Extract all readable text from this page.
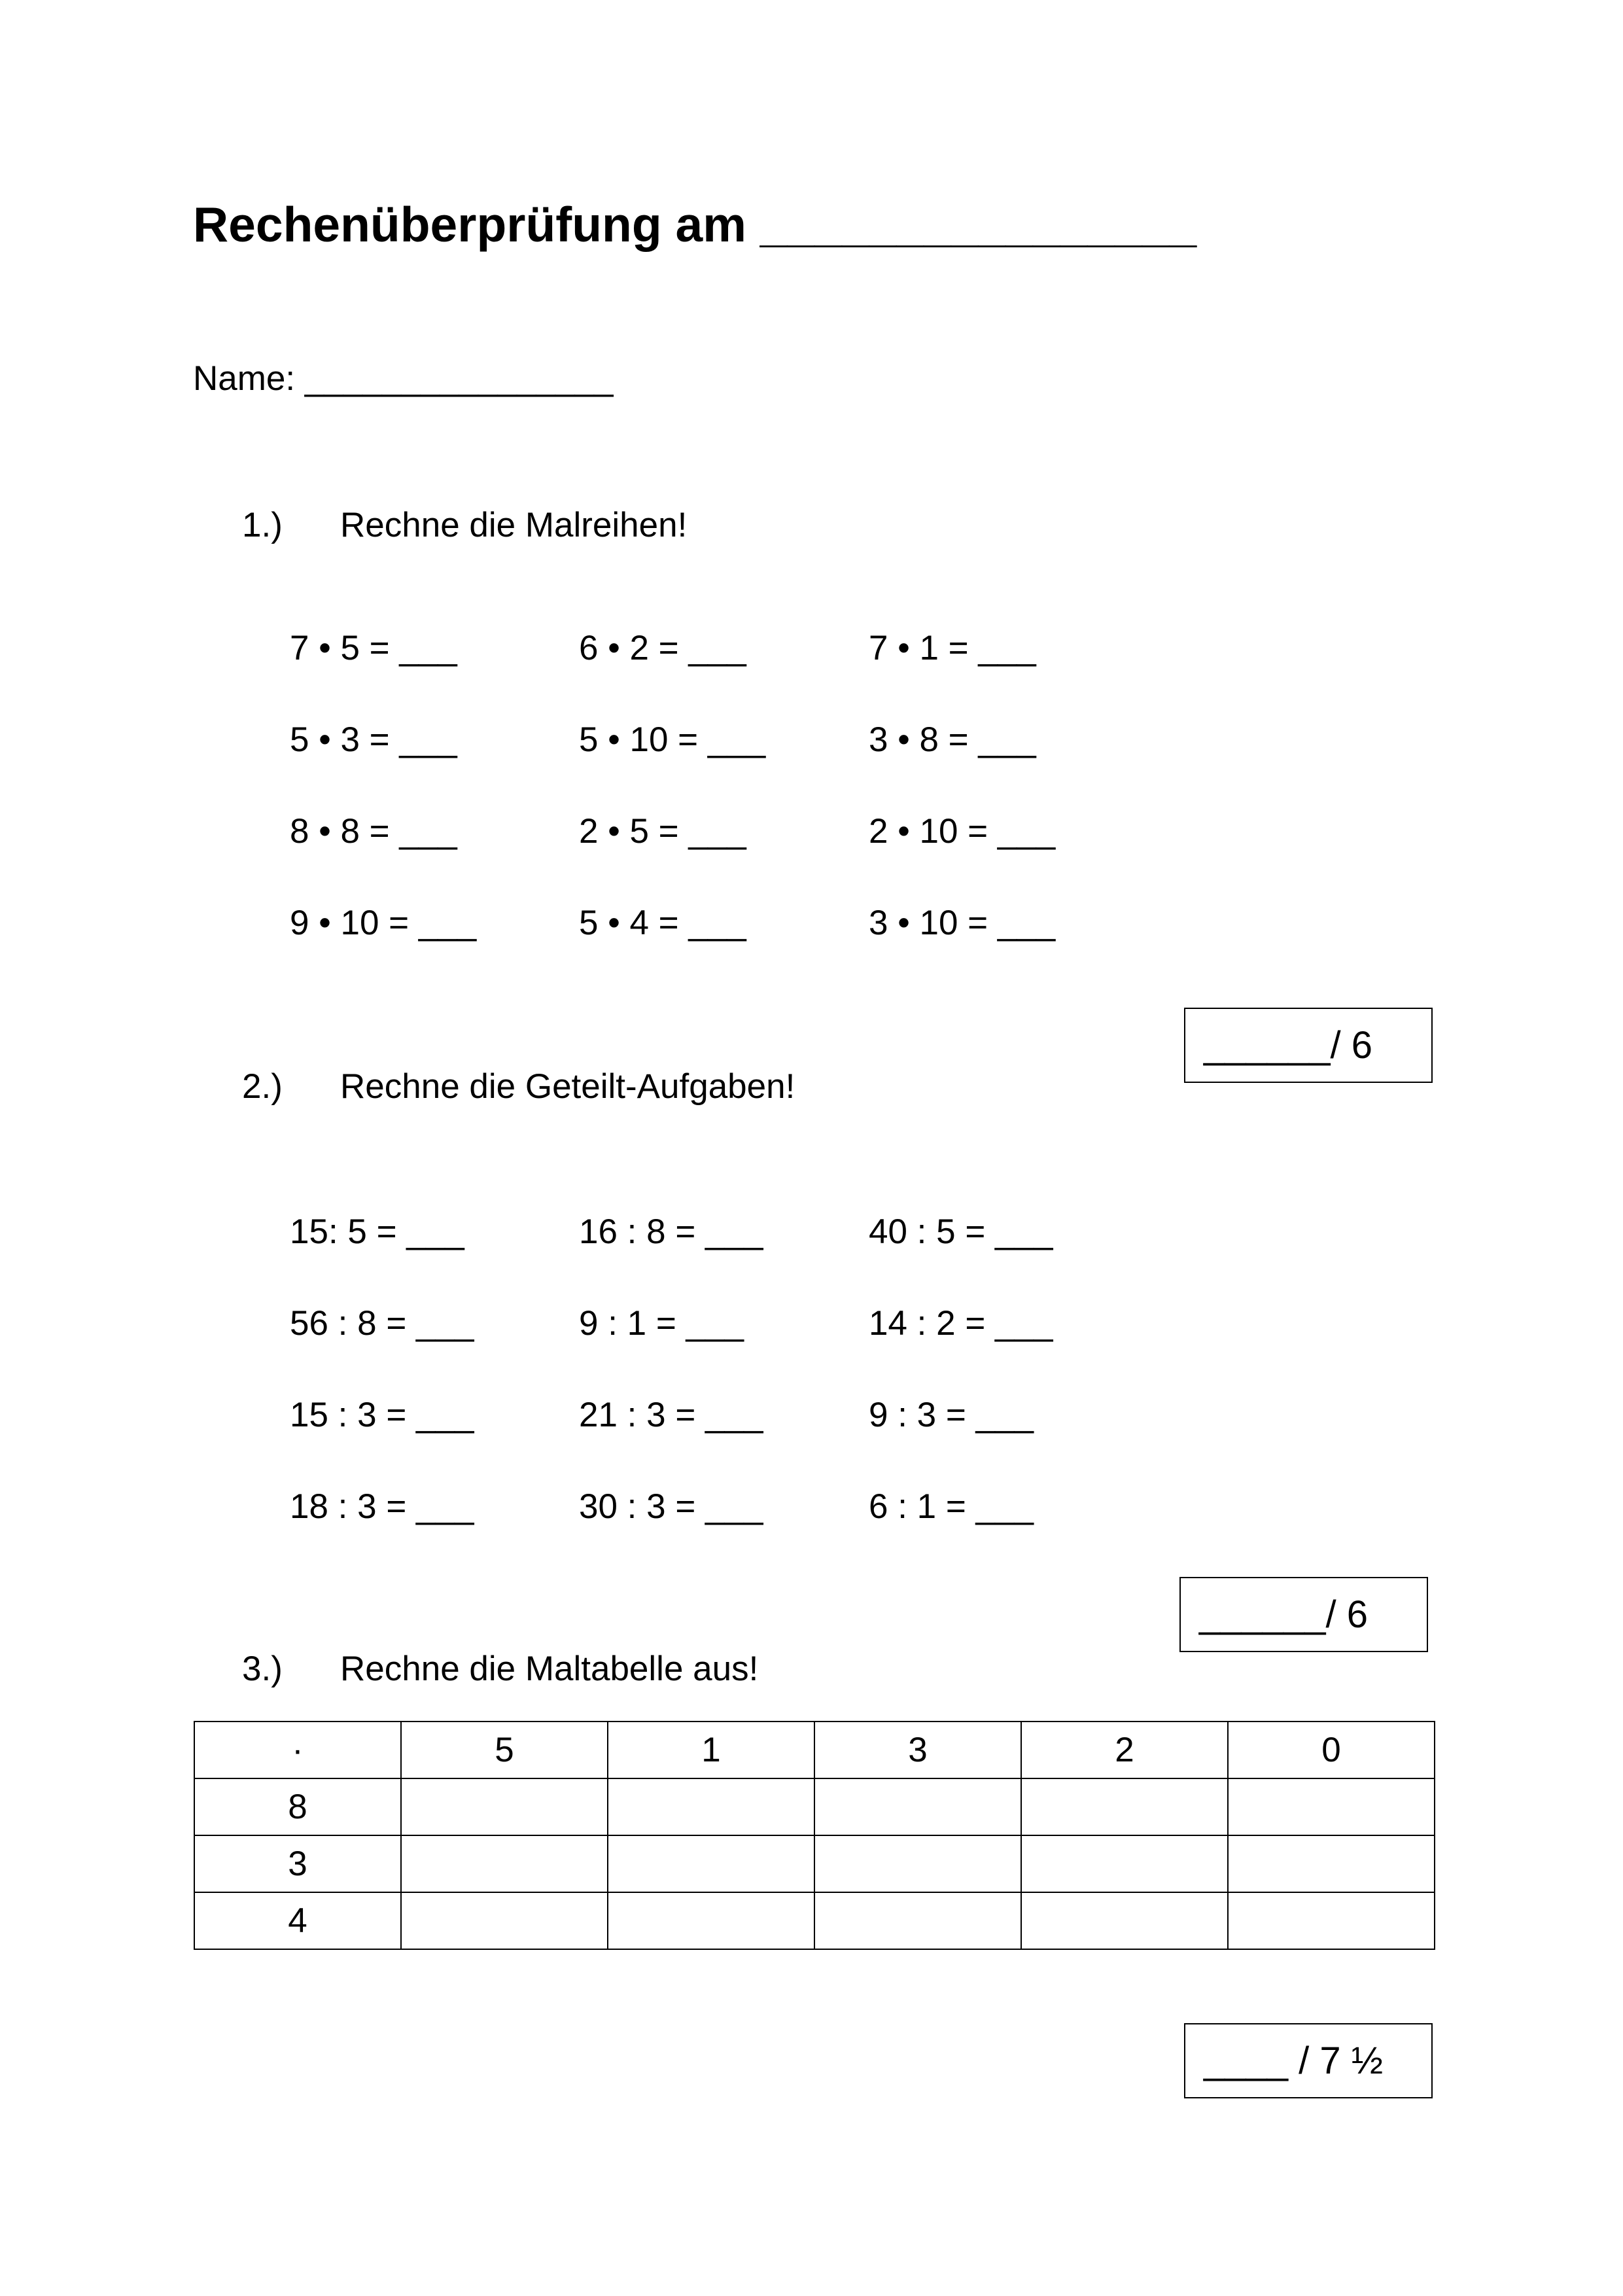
Rechenüberprüfung am ________________
Name: ________________
1.) Rechne die Malreihen!
7 • 5 = ___	6 • 2 = ___	7 • 1 = ___
5 • 3 = ___	5 • 10 = ___	3 • 8 = ___
8 • 8 = ___	2 • 5 = ___	2 • 10 = ___
9 • 10 = ___	5 • 4 = ___	3 • 10 = ___
______/ 6
2.) Rechne die Geteilt-Aufgaben!
15: 5 = ___	16 : 8 = ___	40 : 5 = ___
56 : 8 = ___	9 : 1 = ___	14 : 2 = ___
15 : 3 = ___	21 : 3 = ___	9 : 3 = ___
18 : 3 = ___	30 : 3 = ___	6 : 1 = ___
______/ 6
3.) Rechne die Maltabelle aus!
·	5	1	3	2	0
8					
3					
4					
____ / 7 ½
